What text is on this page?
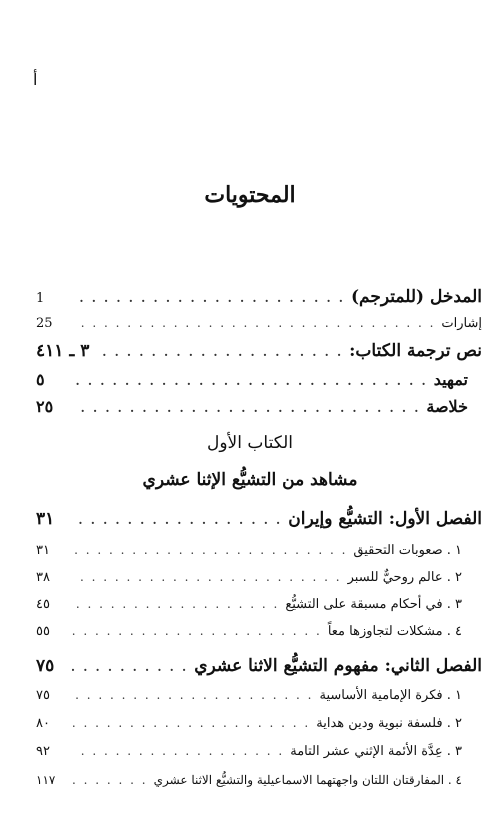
أ
المحتويات
المدخل (للمترجم)
. . .
1
إشارات
. . .
25
نص ترجمة الكتاب:
. . .
٣ ـ ٤١١
تمهيد
. . .
٥
خلاصة
. . .
٢٥
الكتاب الأول
مشاهد من التشيُّع الإثنا عشري
الفصل الأول: التشيُّع وإيران
. . .
٣١
١ . صعوبات التحقيق
. . .
٣١
٢ . عالم روحيٌّ للسبر
. . .
٣٨
٣ . في أحكام مسبقة على التشيُّع
. . .
٤٥
٤ . مشكلات لتجاوزها معاً
. . .
٥٥
الفصل الثاني: مفهوم التشيُّع الاثنا عشري
. . .
٧٥
١ . فكرة الإمامية الأساسية
. . .
٧٥
٢ . فلسفة نبوية ودين هداية
. . .
٨٠
٣ . عِدَّة الأئمة الإثني عشر التامة
. . .
٩٢
٤ . المفارقتان اللتان واجهتهما الاسماعيلية والتشيُّع الاثنا عشري
. . .
١١٧
